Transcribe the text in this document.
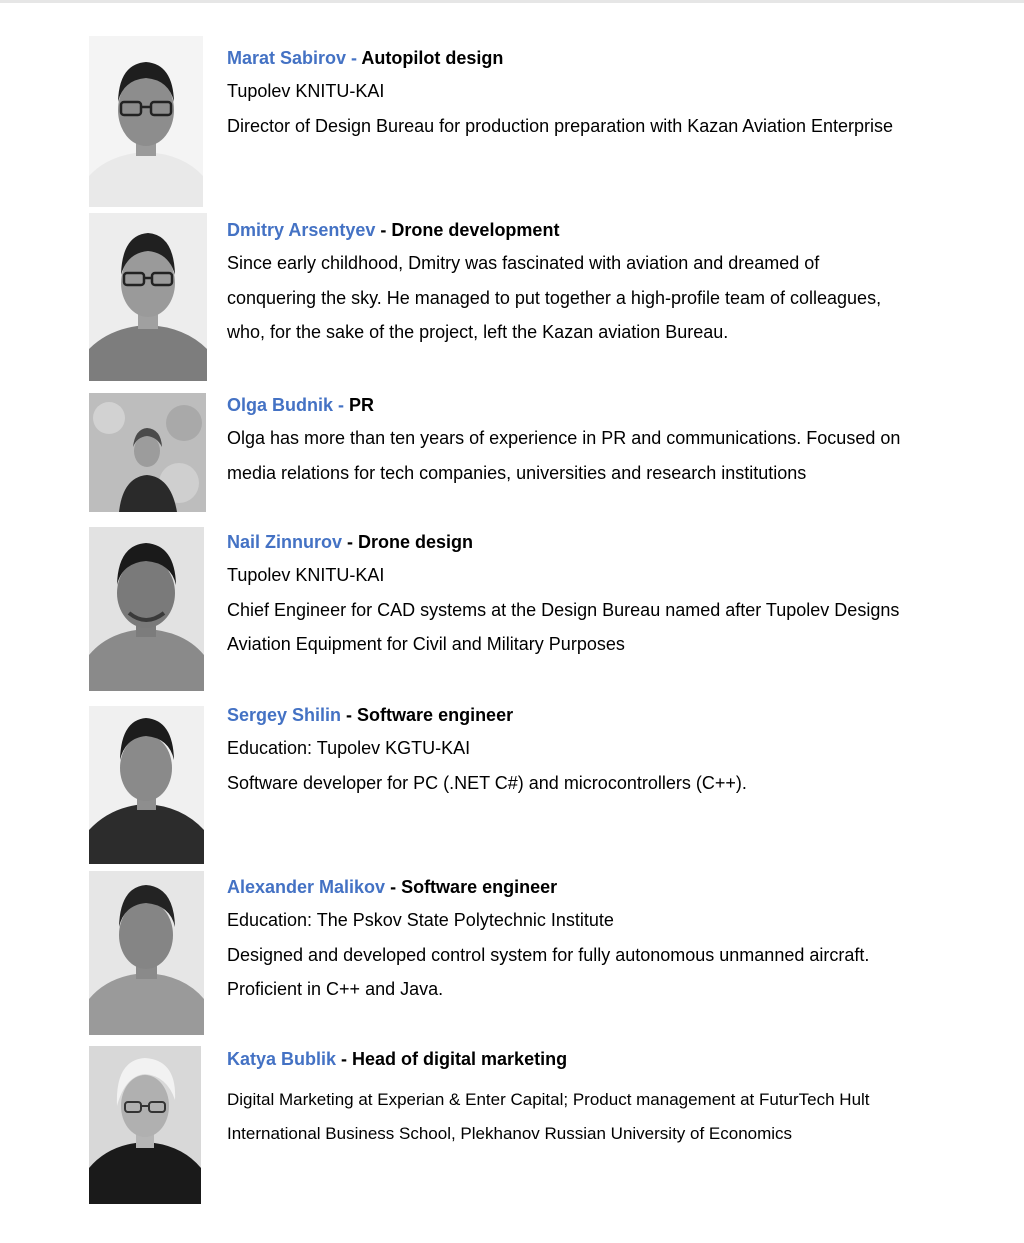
Marat Sabirov - Autopilot design

Tupolev KNITU-KAI

Director of Design Bureau for production preparation with Kazan Aviation Enterprise

Dmitry Arsentyev - Drone development

Since early childhood, Dmitry was fascinated with aviation and dreamed of

conquering the sky. He managed to put together a high-profile team of colleagues,

who, for the sake of the project, left the Kazan aviation Bureau.

Olga Budnik - PR

Olga has more than ten years of experience in PR and communications. Focused on

media relations for tech companies, universities and research institutions

Nail Zinnurov - Drone design

Tupolev KNITU-KAI

Chief Engineer for CAD systems at the Design Bureau named after Tupolev Designs

Aviation Equipment for Civil and Military Purposes

Sergey Shilin - Software engineer

Education: Tupolev KGTU-KAI

Software developer for PC (.NET C#) and microcontrollers (C++).

Alexander Malikov - Software engineer

Education: The Pskov State Polytechnic Institute

Designed and developed control system for fully autonomous unmanned aircraft.

Proficient in C++ and Java.

Katya Bublik - Head of digital marketing

Digital Marketing at Experian & Enter Capital; Product management at FuturTech Hult

International Business School, Plekhanov Russian University of Economics
